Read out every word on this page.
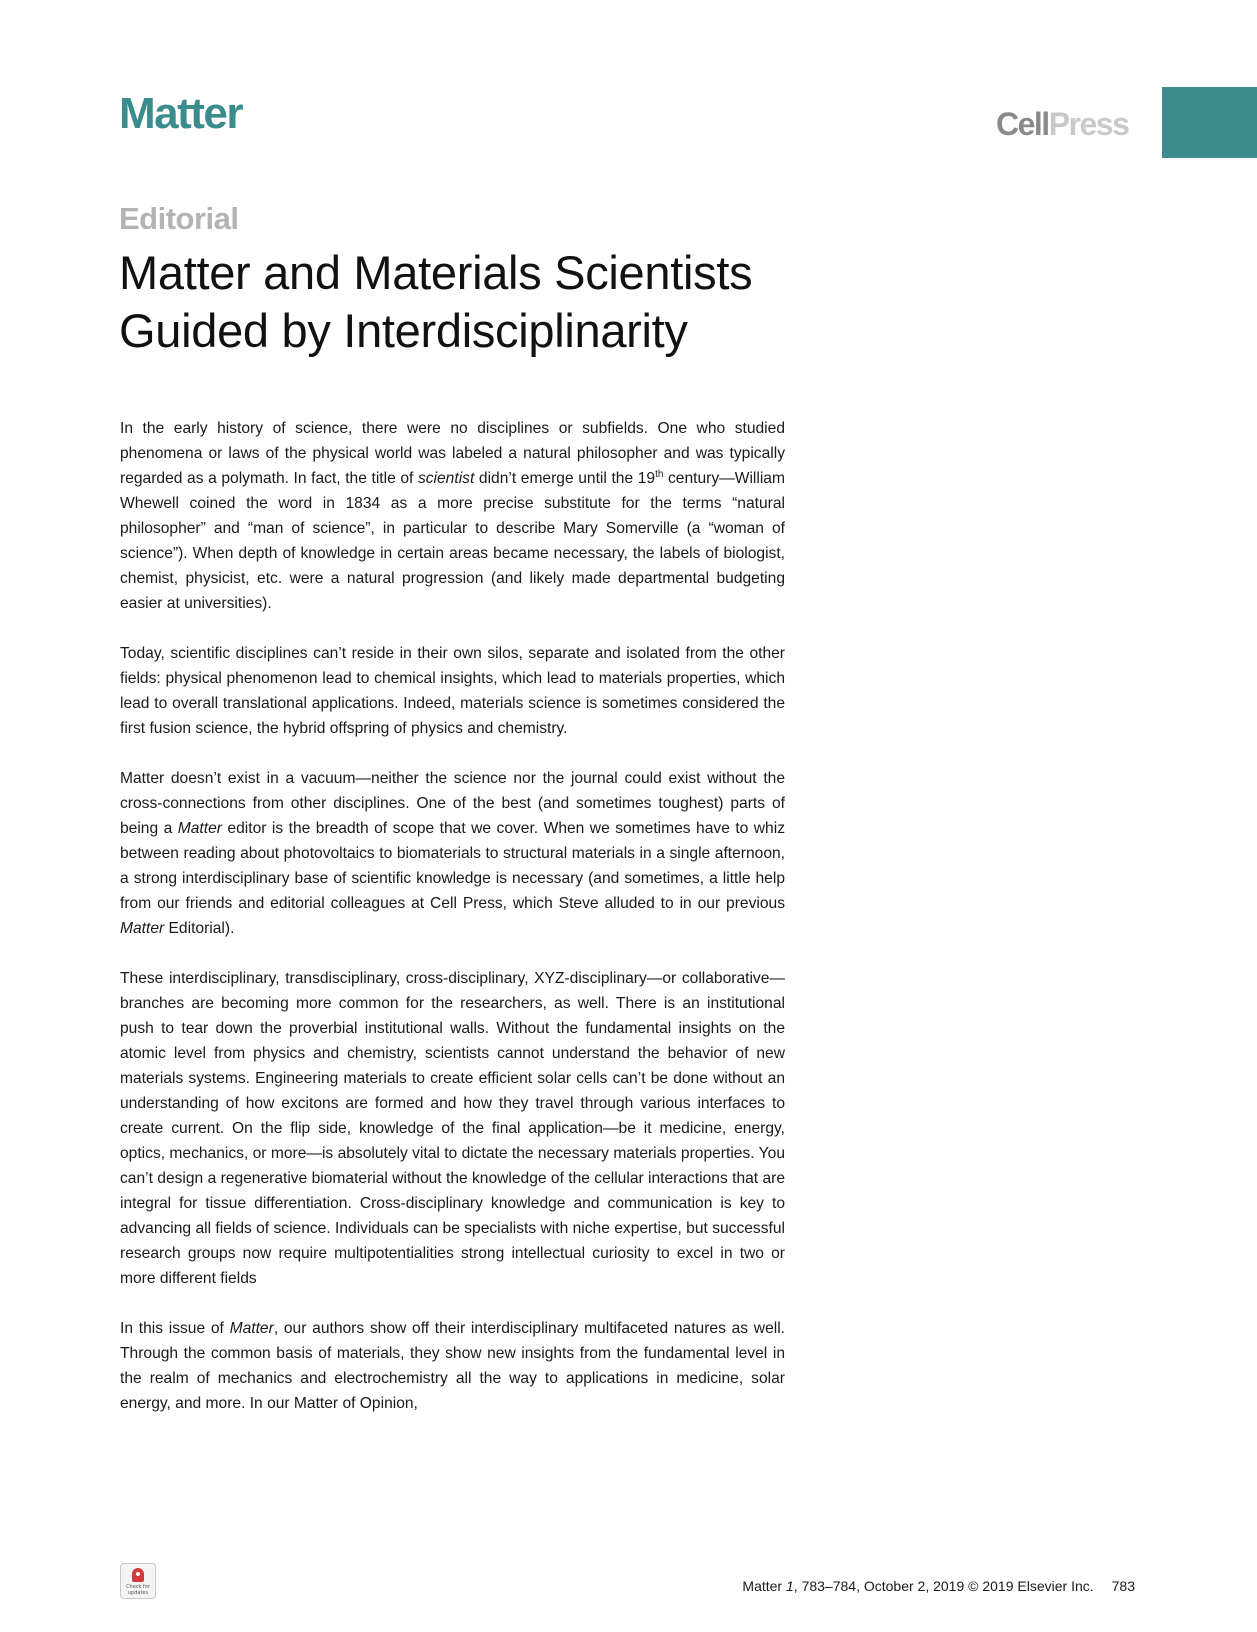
Matter	CellPress
Editorial
Matter and Materials Scientists
Guided by Interdisciplinarity

In the early history of science, there were no disciplines or subfields. One who studied phenomena or laws of the physical world was labeled a natural philosopher and was typically regarded as a polymath. In fact, the title of scientist didn’t emerge until the 19th century—William Whewell coined the word in 1834 as a more precise substitute for the terms “natural philosopher” and “man of science”, in particular to describe Mary Somerville (a “woman of science”). When depth of knowledge in certain areas became necessary, the labels of biologist, chemist, physicist, etc. were a natural progression (and likely made departmental budgeting easier at universities).

Today, scientific disciplines can’t reside in their own silos, separate and isolated from the other fields: physical phenomenon lead to chemical insights, which lead to materials properties, which lead to overall translational applications. Indeed, materials science is sometimes considered the first fusion science, the hybrid offspring of physics and chemistry.

Matter doesn’t exist in a vacuum—neither the science nor the journal could exist without the cross-connections from other disciplines. One of the best (and sometimes toughest) parts of being a Matter editor is the breadth of scope that we cover. When we sometimes have to whiz between reading about photovoltaics to biomaterials to structural materials in a single afternoon, a strong interdisciplinary base of scientific knowledge is necessary (and sometimes, a little help from our friends and editorial colleagues at Cell Press, which Steve alluded to in our previous Matter Editorial).

These interdisciplinary, transdisciplinary, cross-disciplinary, XYZ-disciplinary—or collaborative—branches are becoming more common for the researchers, as well. There is an institutional push to tear down the proverbial institutional walls. Without the fundamental insights on the atomic level from physics and chemistry, scientists cannot understand the behavior of new materials systems. Engineering materials to create efficient solar cells can’t be done without an understanding of how excitons are formed and how they travel through various interfaces to create current. On the flip side, knowledge of the final application—be it medicine, energy, optics, mechanics, or more—is absolutely vital to dictate the necessary materials properties. You can’t design a regenerative biomaterial without the knowledge of the cellular interactions that are integral for tissue differentiation. Cross-disciplinary knowledge and communication is key to advancing all fields of science. Individuals can be specialists with niche expertise, but successful research groups now require multipotentialities strong intellectual curiosity to excel in two or more different fields

In this issue of Matter, our authors show off their interdisciplinary multifaceted natures as well. Through the common basis of materials, they show new insights from the fundamental level in the realm of mechanics and electrochemistry all the way to applications in medicine, solar energy, and more. In our Matter of Opinion,

Check for updates	Matter 1, 783–784, October 2, 2019 © 2019 Elsevier Inc. 783
